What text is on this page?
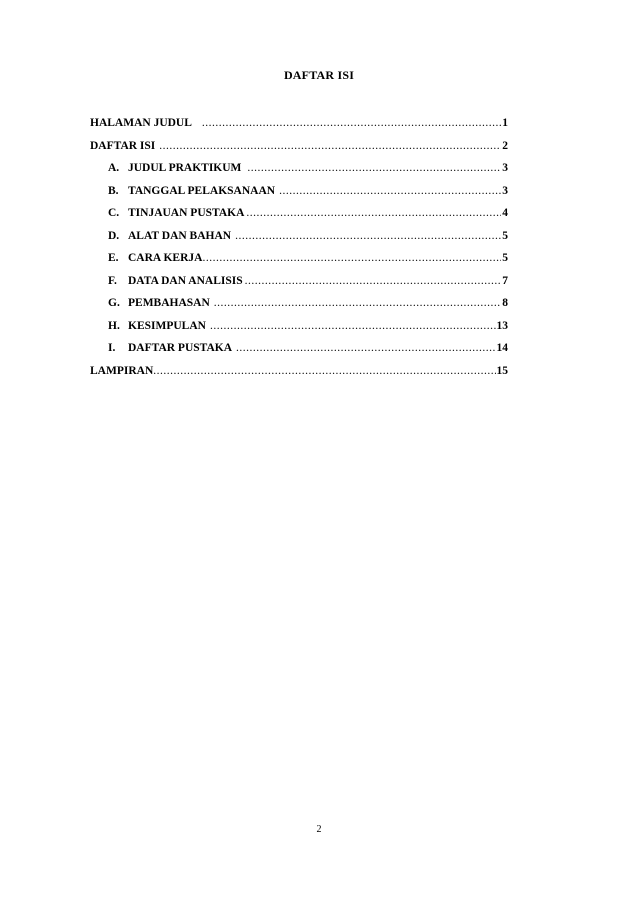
DAFTAR ISI
HALAMAN JUDUL .....	1
DAFTAR ISI .....	2
A. JUDUL PRAKTIKUM .....	3
B. TANGGAL PELAKSANAAN .....	3
C. TINJAUAN PUSTAKA .....	4
D. ALAT DAN BAHAN .....	5
E. CARA KERJA .....	5
F. DATA DAN ANALISIS .....	7
G. PEMBAHASAN .....	8
H. KESIMPULAN .....	13
I.	DAFTAR PUSTAKA .....	14
LAMPIRAN .....	15
2
